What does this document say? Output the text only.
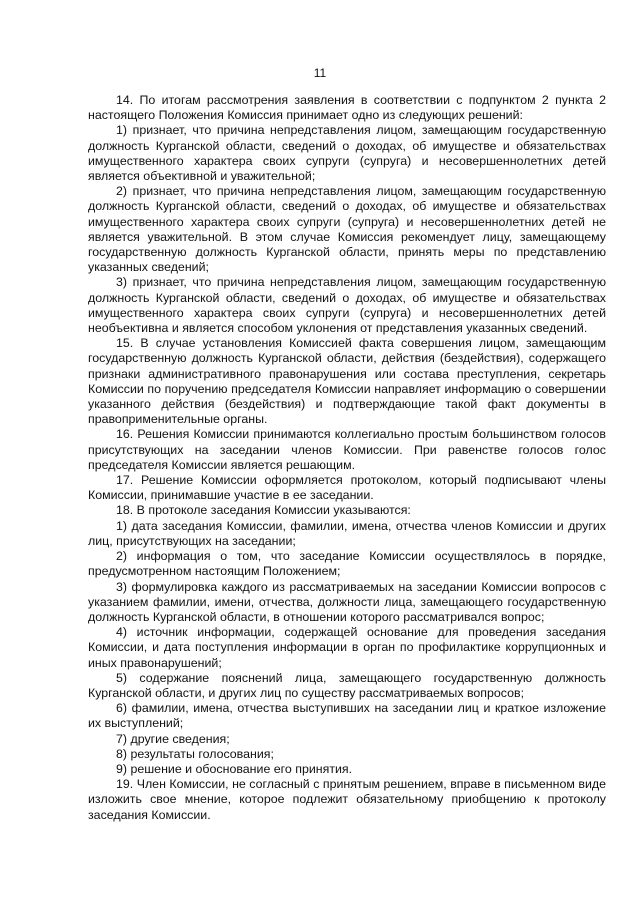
11

14. По итогам рассмотрения заявления в соответствии с подпунктом 2 пункта 2 настоящего Положения Комиссия принимает одно из следующих решений:

1) признает, что причина непредставления лицом, замещающим государственную должность Курганской области, сведений о доходах, об имуществе и обязательствах имущественного характера своих супруги (супруга) и несовершеннолетних детей является объективной и уважительной;

2) признает, что причина непредставления лицом, замещающим государственную должность Курганской области, сведений о доходах, об имуществе и обязательствах имущественного характера своих супруги (супруга) и несовершеннолетних детей не является уважительной. В этом случае Комиссия рекомендует лицу, замещающему государственную должность Курганской области, принять меры по представлению указанных сведений;

3) признает, что причина непредставления лицом, замещающим государственную должность Курганской области, сведений о доходах, об имуществе и обязательствах имущественного характера своих супруги (супруга) и несовершеннолетних детей необъективна и является способом уклонения от представления указанных сведений.

15. В случае установления Комиссией факта совершения лицом, замещающим государственную должность Курганской области, действия (бездействия), содержащего признаки административного правонарушения или состава преступления, секретарь Комиссии по поручению председателя Комиссии направляет информацию о совершении указанного действия (бездействия) и подтверждающие такой факт документы в правоприменительные органы.

16. Решения Комиссии принимаются коллегиально простым большинством голосов присутствующих на заседании членов Комиссии. При равенстве голосов голос председателя Комиссии является решающим.

17. Решение Комиссии оформляется протоколом, который подписывают члены Комиссии, принимавшие участие в ее заседании.

18. В протоколе заседания Комиссии указываются:

1) дата заседания Комиссии, фамилии, имена, отчества членов Комиссии и других лиц, присутствующих на заседании;

2) информация о том, что заседание Комиссии осуществлялось в порядке, предусмотренном настоящим Положением;

3) формулировка каждого из рассматриваемых на заседании Комиссии вопросов с указанием фамилии, имени, отчества, должности лица, замещающего государственную должность Курганской области, в отношении которого рассматривался вопрос;

4) источник информации, содержащей основание для проведения заседания Комиссии, и дата поступления информации в орган по профилактике коррупционных и иных правонарушений;

5) содержание пояснений лица, замещающего государственную должность Курганской области, и других лиц по существу рассматриваемых вопросов;

6) фамилии, имена, отчества выступивших на заседании лиц и краткое изложение их выступлений;

7) другие сведения;

8) результаты голосования;

9) решение и обоснование его принятия.

19. Член Комиссии, не согласный с принятым решением, вправе в письменном виде изложить свое мнение, которое подлежит обязательному приобщению к протоколу заседания Комиссии.
